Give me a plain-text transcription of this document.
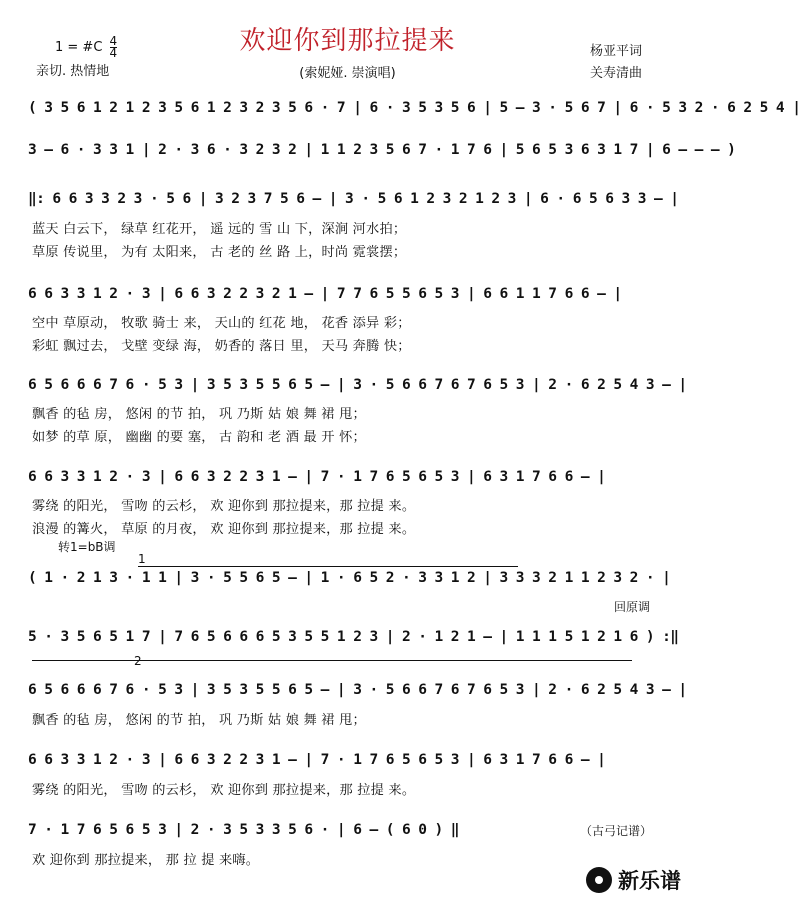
欢迎你到那拉提来
1 = #C $\frac{4}{4}$
亲切. 热情地	(索妮娅. 崇演唱)
杨亚平词
关寿清曲
( 3 5 6 1 2 1 2 3 5 6 1 2 3 2 3 5 6 · 7 | 6 · 3 5 3 5 6 | 5 – 3 · 5 6 7 | 6 · 5 3 2 · 6 2 5 4 |
3 – 6 · 3 3 1 | 2 · 3 6 · 3 2 3 2 | 1 1 2 3 5 6 7 · 1 7 6 | 5 6 5 3 6 3 1 7 | 6 – – – )
‖: 6 6 3 3 2 3 · 5 6 | 3 2 3 7 5 6 – | 3 · 5 6 1 2 3 2 1 2 3 | 6 · 6 5 6 3 3 – |
6 6 3 3 1 2 · 3 | 6 6 3 2 2 3 2 1 – | 7 7 6 5 5 6 5 3 | 6 6 1 1 7 6 6 – |
6 5 6 6 6 7 6 · 5 3 | 3 5 3 5 5 6 5 – | 3 · 5 6 6 7 6 7 6 5 3 | 2 · 6 2 5 4 3 – |
6 6 3 3 1 2 · 3 | 6 6 3 2 2 3 1 – | 7 · 1 7 6 5 6 5 3 | 6 3 1 7 6 6 – |
( 1 · 2 1 3 · 1 1 | 3 · 5 5 6 5 – | 1 · 6 5 2 · 3 3 1 2 | 3 3 3 2 1 1 2 3 2 · |
5 · 3 5 6 5 1 7 | 7 6 5 6 6 6 5 3 5 5 1 2 3 | 2 · 1 2 1 – | 1 1 1 5 1 2 1 6 ) :‖
6 5 6 6 6 7 6 · 5 3 | 3 5 3 5 5 6 5 – | 3 · 5 6 6 7 6 7 6 5 3 | 2 · 6 2 5 4 3 – |
6 6 3 3 1 2 · 3 | 6 6 3 2 2 3 1 – | 7 · 1 7 6 5 6 5 3 | 6 3 1 7 6 6 – |
7 · 1 7 6 5 6 5 3 | 2 · 3 5 3 3 5 6 · | 6 – ( 6 0 ) ‖
蓝天 白云下， 绿草 红花开， 遥 远的 雪 山 下，深涧 河水拍；
草原 传说里， 为有 太阳来， 古 老的 丝 路 上，时尚 霓裳摆；
空中 草原动， 牧歌 骑士 来， 天山的 红花 地， 花香 添异 彩；
彩虹 飘过去， 戈壁 变绿 海， 奶香的 落日 里， 天马 奔腾 快；
飘香 的毡 房， 悠闲 的节 拍， 巩 乃斯 姑 娘 舞 裙 甩；
如梦 的草 原， 幽幽 的要 塞， 古 韵和 老 酒 最 开 怀；
雾绕 的阳光， 雪吻 的云杉， 欢 迎你到 那拉提来，那 拉提 来。
浪漫 的篝火， 草原 的月夜， 欢 迎你到 那拉提来，那 拉提 来。
飘香 的毡 房， 悠闲 的节 拍， 巩 乃斯 姑 娘 舞 裙 甩；
雾绕 的阳光， 雪吻 的云杉， 欢 迎你到 那拉提来，那 拉提 来。
欢 迎你到 那拉提来， 那 拉 提 来嗨。
转1=bB调
1
回原调
2
（古弓记谱）
新乐谱
